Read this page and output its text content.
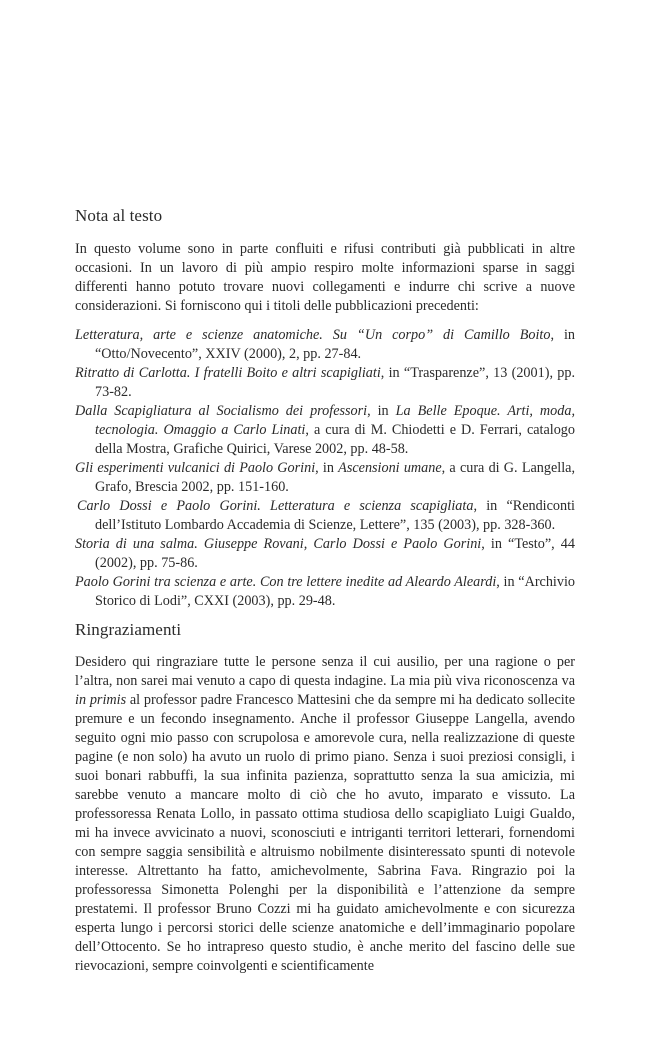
Nota al testo

In questo volume sono in parte confluiti e rifusi contributi già pubblicati in altre occasioni. In un lavoro di più ampio respiro molte informazioni sparse in saggi differenti hanno potuto trovare nuovi collegamenti e indurre chi scrive a nuove considerazioni. Si forniscono qui i titoli delle pubblicazioni precedenti:

Letteratura, arte e scienze anatomiche. Su “Un corpo” di Camillo Boito, in “Otto/Novecento”, XXIV (2000), 2, pp. 27-84.
Ritratto di Carlotta. I fratelli Boito e altri scapigliati, in “Trasparenze”, 13 (2001), pp. 73-82.
Dalla Scapigliatura al Socialismo dei professori, in La Belle Epoque. Arti, moda, tecnologia. Omaggio a Carlo Linati, a cura di M. Chiodetti e D. Ferrari, catalogo della Mostra, Grafiche Quirici, Varese 2002, pp. 48-58.
Gli esperimenti vulcanici di Paolo Gorini, in Ascensioni umane, a cura di G. Langella, Grafo, Brescia 2002, pp. 151-160.
Carlo Dossi e Paolo Gorini. Letteratura e scienza scapigliata, in “Rendiconti dell’Istituto Lombardo Accademia di Scienze, Lettere”, 135 (2003), pp. 328-360.
Storia di una salma. Giuseppe Rovani, Carlo Dossi e Paolo Gorini, in “Testo”, 44 (2002), pp. 75-86.
Paolo Gorini tra scienza e arte. Con tre lettere inedite ad Aleardo Aleardi, in “Archivio Storico di Lodi”, CXXI (2003), pp. 29-48.
Ringraziamenti

Desidero qui ringraziare tutte le persone senza il cui ausilio, per una ragione o per l’altra, non sarei mai venuto a capo di questa indagine. La mia più viva riconoscenza va in primis al professor padre Francesco Mattesini che da sempre mi ha dedicato sollecite premure e un fecondo insegnamento. Anche il professor Giuseppe Langella, avendo seguito ogni mio passo con scrupolosa e amorevole cura, nella realizzazione di queste pagine (e non solo) ha avuto un ruolo di primo piano. Senza i suoi preziosi consigli, i suoi bonari rabbuffi, la sua infinita pazienza, soprattutto senza la sua amicizia, mi sarebbe venuto a mancare molto di ciò che ho avuto, imparato e vissuto. La professoressa Renata Lollo, in passato ottima studiosa dello scapigliato Luigi Gualdo, mi ha invece avvicinato a nuovi, sconosciuti e intriganti territori letterari, fornendomi con sempre saggia sensibilità e altruismo nobilmente disinteressato spunti di notevole interesse. Altrettanto ha fatto, amichevolmente, Sabrina Fava. Ringrazio poi la professoressa Simonetta Polenghi per la disponibilità e l’attenzione da sempre prestatemi. Il professor Bruno Cozzi mi ha guidato amichevolmente e con sicurezza esperta lungo i percorsi storici delle scienze anatomiche e dell’immaginario popolare dell’Ottocento. Se ho intrapreso questo studio, è anche merito del fascino delle sue rievocazioni, sempre coinvolgenti e scientificamente
